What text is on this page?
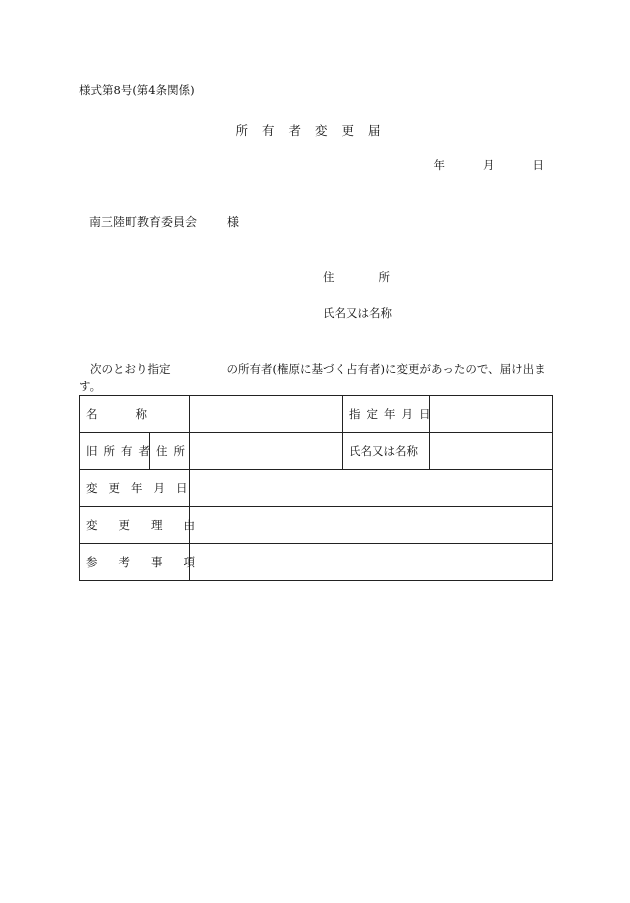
様式第8号(第4条関係)
所有者変更届
年	月	日
南三陸町教育委員会	様
住	所
氏名又は名称
次のとおり指定	の所有者(権原に基づく占有者)に変更があったので、届け出ます。
名 称			指定年月日	
旧所有者	住所		氏名又は名称	
変更年月日				
変更理由				
参考事項				
